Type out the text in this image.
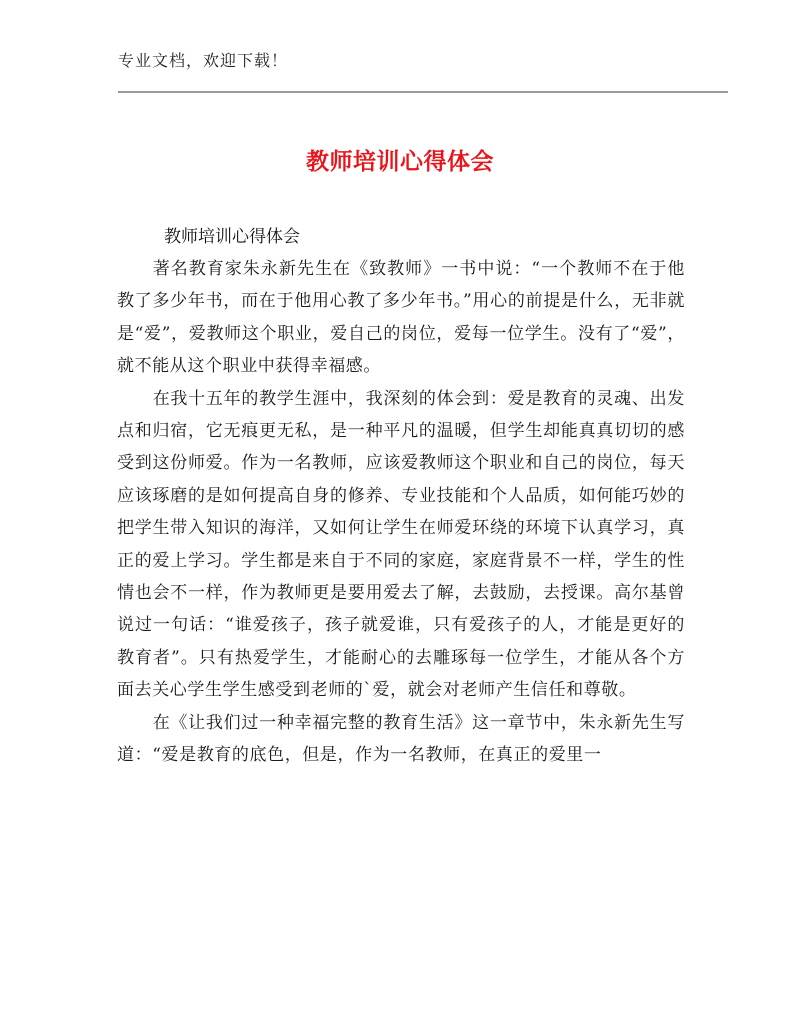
专业文档，欢迎下载！
教师培训心得体会
教师培训心得体会

著名教育家朱永新先生在《致教师》一书中说：“一个教师不在于他教了多少年书，而在于他用心教了多少年书。”用心的前提是什么，无非就是“爱”，爱教师这个职业，爱自己的岗位，爱每一位学生。没有了“爱”，就不能从这个职业中获得幸福感。

在我十五年的教学生涯中，我深刻的体会到：爱是教育的灵魂、出发点和归宿，它无痕更无私，是一种平凡的温暖，但学生却能真真切切的感受到这份师爱。作为一名教师，应该爱教师这个职业和自己的岗位，每天应该琢磨的是如何提高自身的修养、专业技能和个人品质，如何能巧妙的把学生带入知识的海洋，又如何让学生在师爱环绕的环境下认真学习，真正的爱上学习。学生都是来自于不同的家庭，家庭背景不一样，学生的性情也会不一样，作为教师更是要用爱去了解，去鼓励，去授课。高尔基曾说过一句话：“谁爱孩子，孩子就爱谁，只有爱孩子的人，才能是更好的教育者”。只有热爱学生，才能耐心的去雕琢每一位学生，才能从各个方面去关心学生学生感受到老师的`爱，就会对老师产生信任和尊敬。

在《让我们过一种幸福完整的教育生活》这一章节中，朱永新先生写道：“爱是教育的底色，但是，作为一名教师，在真正的爱里一
